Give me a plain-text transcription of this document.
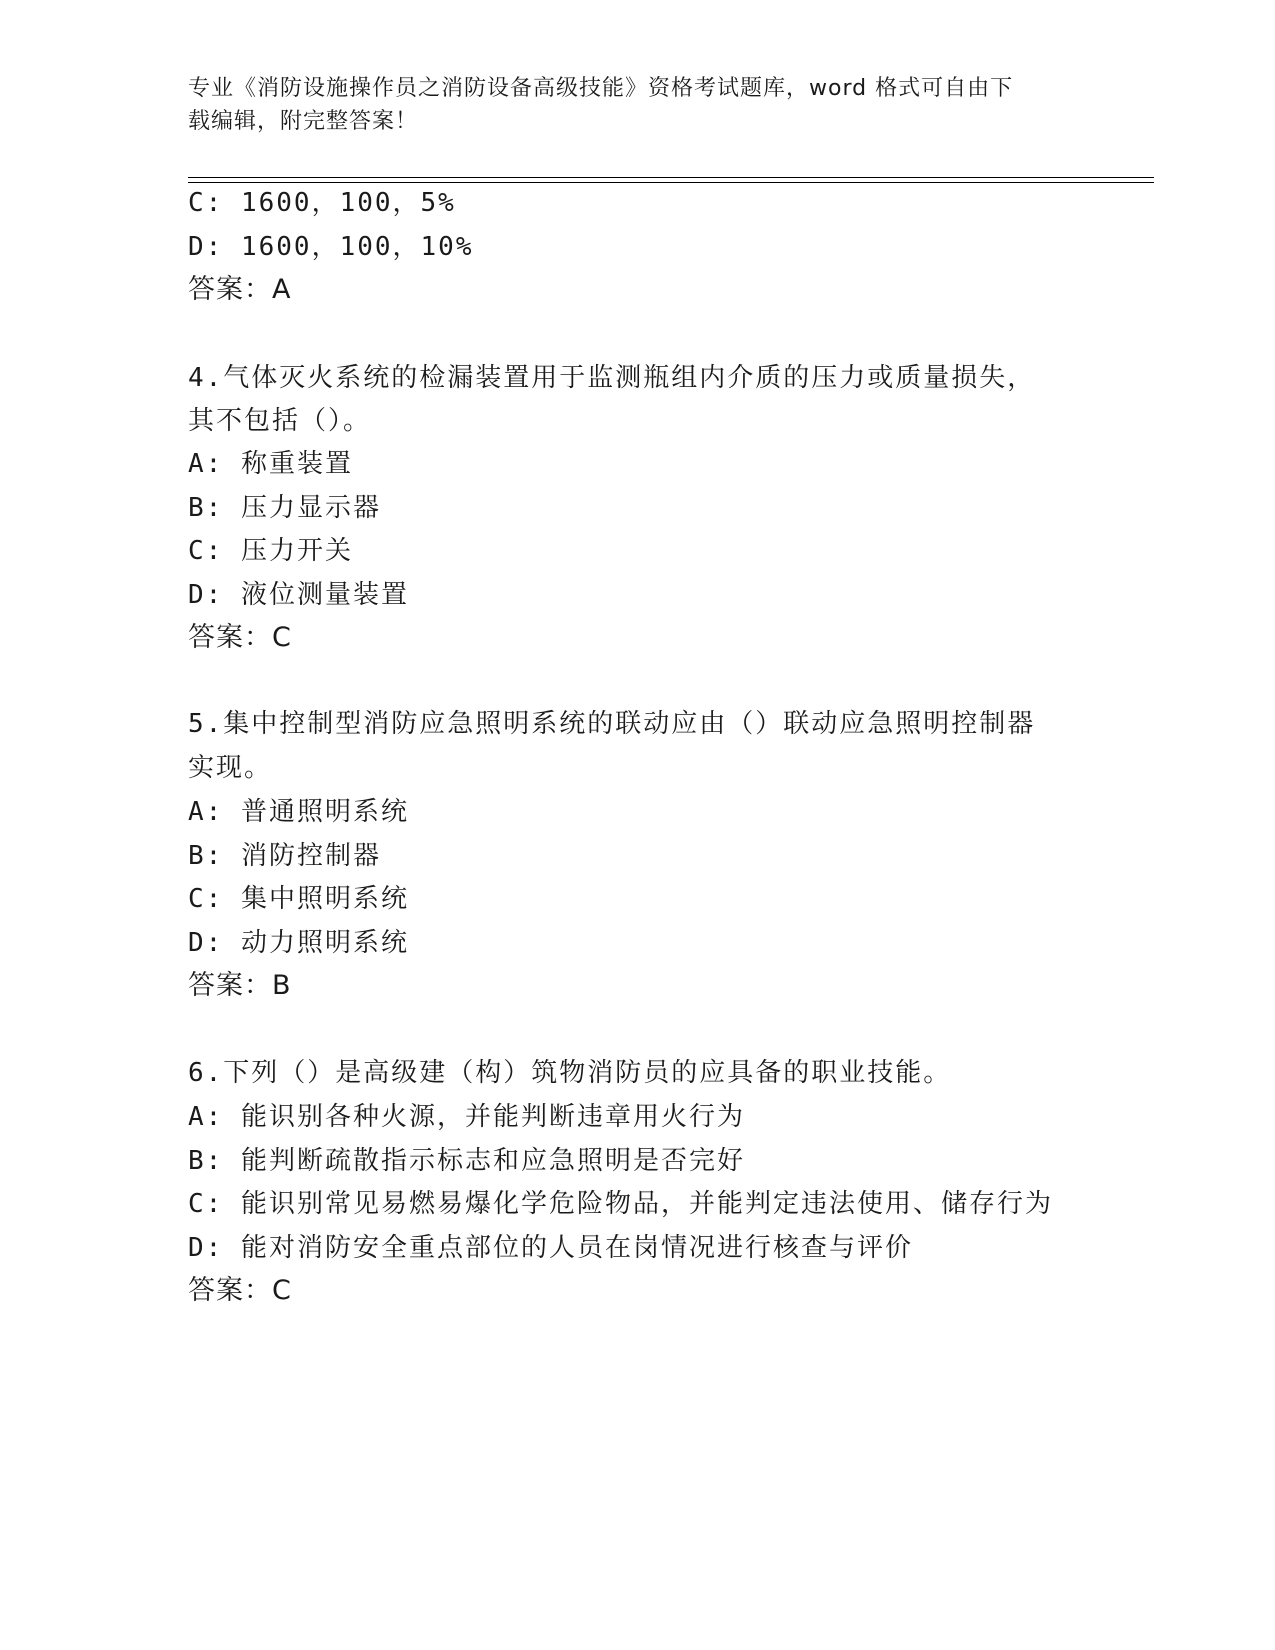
专业《消防设施操作员之消防设备高级技能》资格考试题库，word 格式可自由下
载编辑，附完整答案！
C: 1600，100，5%
D: 1600，100，10%
答案：A
4.气体灭火系统的检漏装置用于监测瓶组内介质的压力或质量损失，
其不包括（）。
A: 称重装置
B: 压力显示器
C: 压力开关
D: 液位测量装置
答案：C
5.集中控制型消防应急照明系统的联动应由（）联动应急照明控制器
实现。
A: 普通照明系统
B: 消防控制器
C: 集中照明系统
D: 动力照明系统
答案：B
6.下列（）是高级建（构）筑物消防员的应具备的职业技能。
A: 能识别各种火源，并能判断违章用火行为
B: 能判断疏散指示标志和应急照明是否完好
C: 能识别常见易燃易爆化学危险物品，并能判定违法使用、储存行为
D: 能对消防安全重点部位的人员在岗情况进行核查与评价
答案：C
